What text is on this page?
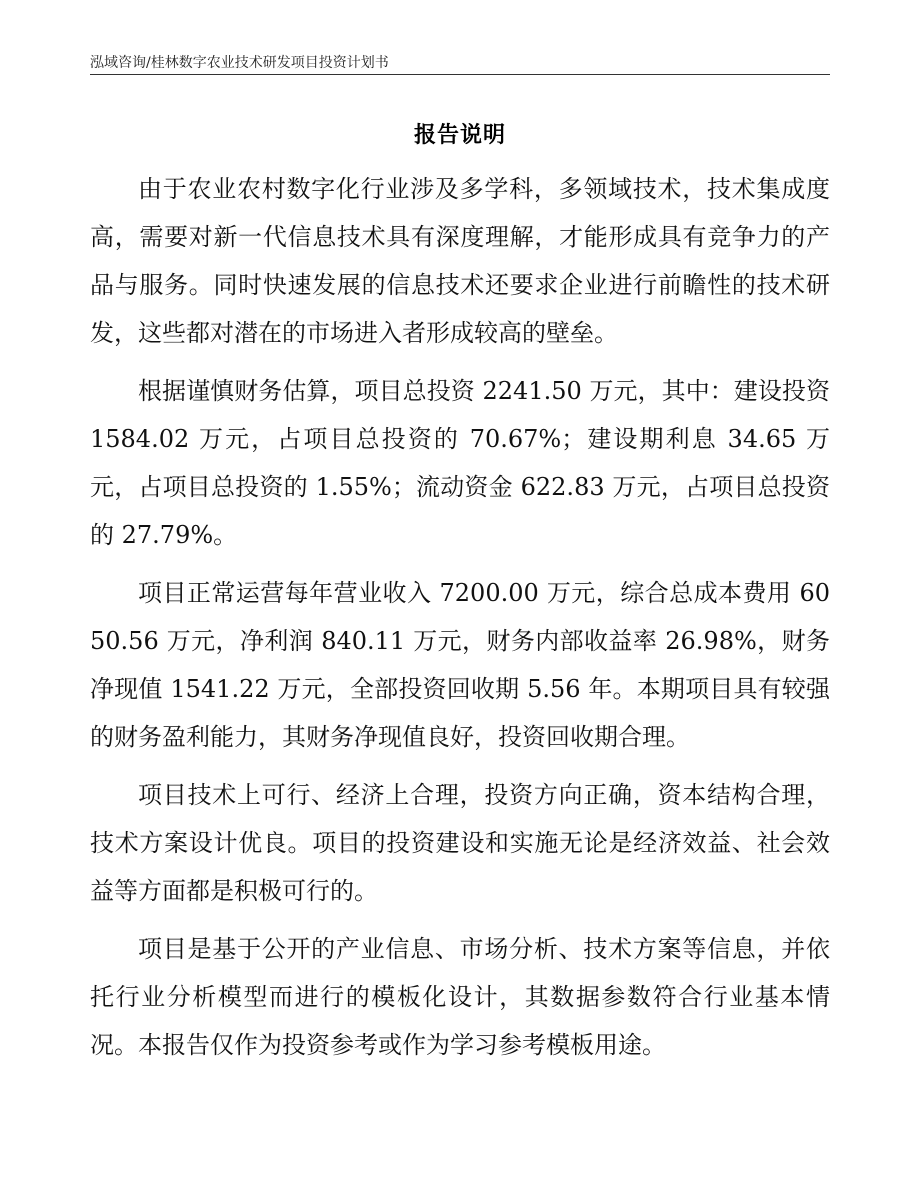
泓域咨询/桂林数字农业技术研发项目投资计划书
报告说明

由于农业农村数字化行业涉及多学科，多领域技术，技术集成度高，需要对新一代信息技术具有深度理解，才能形成具有竞争力的产品与服务。同时快速发展的信息技术还要求企业进行前瞻性的技术研发，这些都对潜在的市场进入者形成较高的壁垒。

根据谨慎财务估算，项目总投资 2241.50 万元，其中：建设投资 1584.02 万元，占项目总投资的 70.67%；建设期利息 34.65 万元，占项目总投资的 1.55%；流动资金 622.83 万元，占项目总投资的 27.79%。

项目正常运营每年营业收入 7200.00 万元，综合总成本费用 6050.56 万元，净利润 840.11 万元，财务内部收益率 26.98%，财务净现值 1541.22 万元，全部投资回收期 5.56 年。本期项目具有较强的财务盈利能力，其财务净现值良好，投资回收期合理。

项目技术上可行、经济上合理，投资方向正确，资本结构合理，技术方案设计优良。项目的投资建设和实施无论是经济效益、社会效益等方面都是积极可行的。

项目是基于公开的产业信息、市场分析、技术方案等信息，并依托行业分析模型而进行的模板化设计，其数据参数符合行业基本情况。本报告仅作为投资参考或作为学习参考模板用途。
